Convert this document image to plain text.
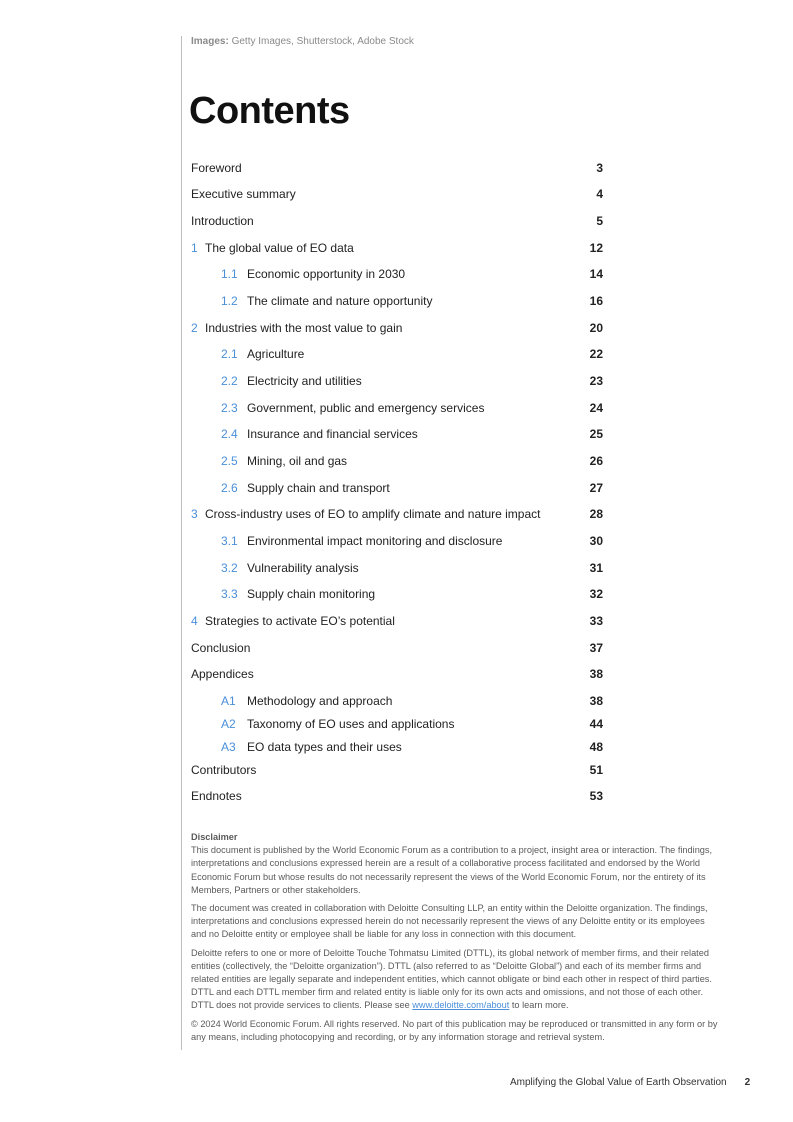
Images: Getty Images, Shutterstock, Adobe Stock
Contents
Foreword	3
Executive summary	4
Introduction	5
1 The global value of EO data	12
1.1 Economic opportunity in 2030	14
1.2 The climate and nature opportunity	16
2 Industries with the most value to gain	20
2.1 Agriculture	22
2.2 Electricity and utilities	23
2.3 Government, public and emergency services	24
2.4 Insurance and financial services	25
2.5 Mining, oil and gas	26
2.6 Supply chain and transport	27
3 Cross-industry uses of EO to amplify climate and nature impact	28
3.1 Environmental impact monitoring and disclosure	30
3.2 Vulnerability analysis	31
3.3 Supply chain monitoring	32
4 Strategies to activate EO’s potential	33
Conclusion	37
Appendices	38
A1 Methodology and approach	38
A2 Taxonomy of EO uses and applications	44
A3 EO data types and their uses	48
Contributors	51
Endnotes	53
Disclaimer

This document is published by the World Economic Forum as a contribution to a project, insight area or interaction. The findings, interpretations and conclusions expressed herein are a result of a collaborative process facilitated and endorsed by the World Economic Forum but whose results do not necessarily represent the views of the World Economic Forum, nor the entirety of its Members, Partners or other stakeholders.

The document was created in collaboration with Deloitte Consulting LLP, an entity within the Deloitte organization. The findings, interpretations and conclusions expressed herein do not necessarily represent the views of any Deloitte entity or its employees and no Deloitte entity or employee shall be liable for any loss in connection with this document.

Deloitte refers to one or more of Deloitte Touche Tohmatsu Limited (DTTL), its global network of member firms, and their related entities (collectively, the “Deloitte organization”). DTTL (also referred to as “Deloitte Global”) and each of its member firms and related entities are legally separate and independent entities, which cannot obligate or bind each other in respect of third parties. DTTL and each DTTL member firm and related entity is liable only for its own acts and omissions, and not those of each other. DTTL does not provide services to clients. Please see www.deloitte.com/about to learn more.

© 2024 World Economic Forum. All rights reserved. No part of this publication may be reproduced or transmitted in any form or by any means, including photocopying and recording, or by any information storage and retrieval system.

Amplifying the Global Value of Earth Observation 2
